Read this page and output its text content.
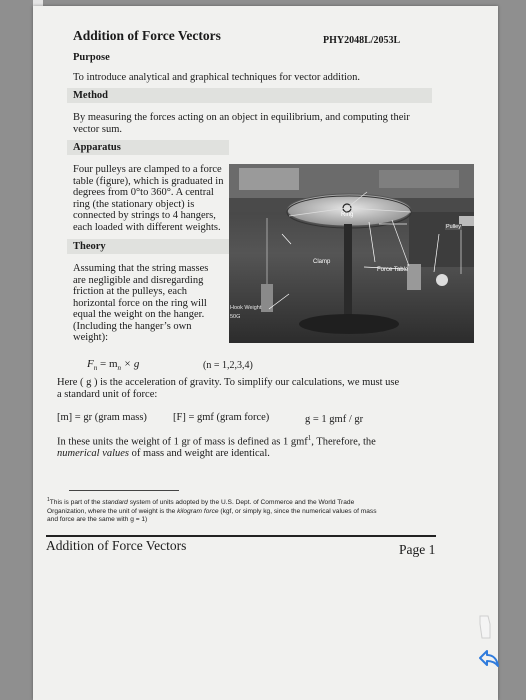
Addition of Force Vectors	PHY2048L/2053L
Purpose
To introduce analytical and graphical techniques for vector addition.
Method
By measuring the forces acting on an object in equilibrium, and computing their
vector sum.
Apparatus
Four pulleys are clamped to a force
table (figure), which is graduated in
degrees from 0°to 360°. A central
ring (the stationary object) is
connected by strings to 4 hangers,
each loaded with different weights.
Theory
Assuming that the string masses
are negligible and disregarding
friction at the pulleys, each
horizontal force on the ring will
equal the weight on the hanger.
(Including the hanger’s own
weight):
Ring
Pulley
Clamp
Force Table
Hook Weight
50G
$F_n = m_n \times g$	(n = 1,2,3,4)
Here ( g ) is the acceleration of gravity. To simplify our calculations, we must use
a standard unit of force:
[m] = gr (gram mass) [F] = gmf (gram force)	g = 1 gmf / gr
In these units the weight of 1 gr of mass is defined as 1 gmf$^1$, Therefore, the
numerical values of mass and weight are identical.
$^1$This is part of the standard system of units adopted by the U.S. Dept. of Commerce and the World Trade
Organization, where the unit of weight is the kilogram force (kgf, or simply kg, since the numerical values of mass
and force are the same with g = 1)
Addition of Force Vectors	Page 1
